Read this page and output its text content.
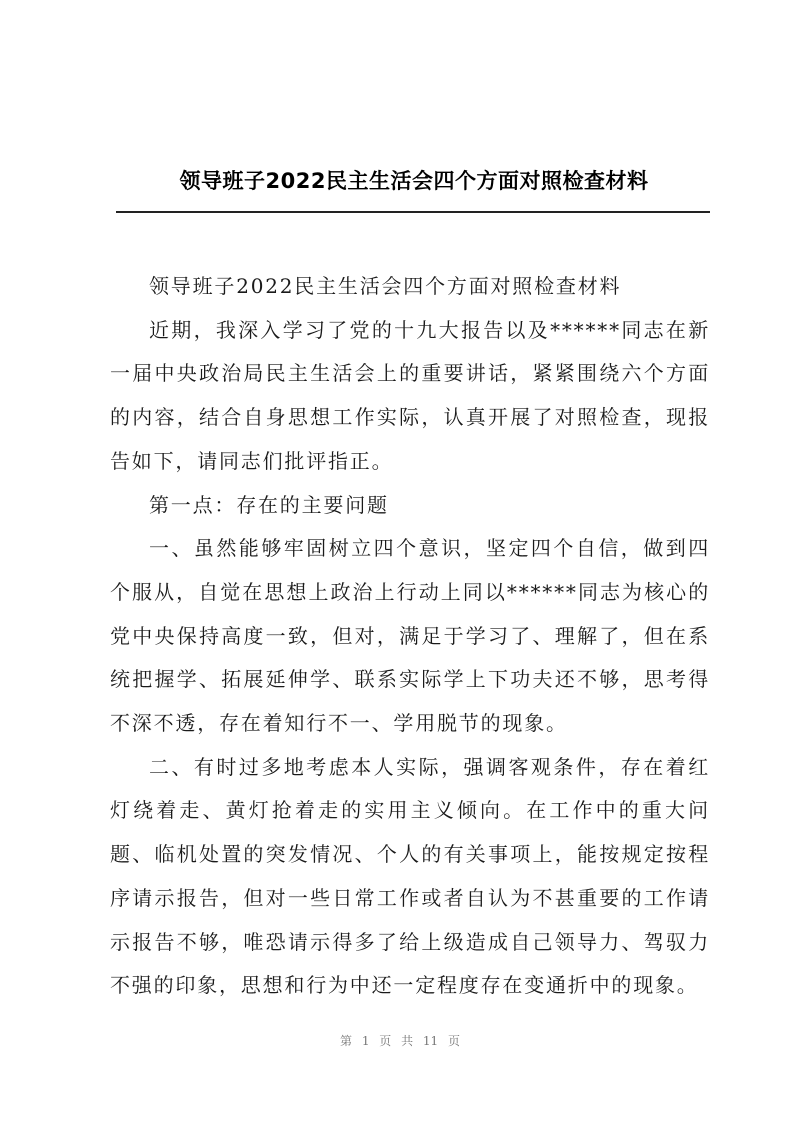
领导班子2022民主生活会四个方面对照检查材料

领导班子2022民主生活会四个方面对照检查材料

近期，我深入学习了党的十九大报告以及******同志在新一届中央政治局民主生活会上的重要讲话，紧紧围绕六个方面的内容，结合自身思想工作实际，认真开展了对照检查，现报告如下，请同志们批评指正。

第一点：存在的主要问题

一、虽然能够牢固树立四个意识，坚定四个自信，做到四个服从，自觉在思想上政治上行动上同以******同志为核心的党中央保持高度一致，但对，满足于学习了、理解了，但在系统把握学、拓展延伸学、联系实际学上下功夫还不够，思考得不深不透，存在着知行不一、学用脱节的现象。

二、有时过多地考虑本人实际，强调客观条件，存在着红灯绕着走、黄灯抢着走的实用主义倾向。在工作中的重大问题、临机处置的突发情况、个人的有关事项上，能按规定按程序请示报告，但对一些日常工作或者自认为不甚重要的工作请示报告不够，唯恐请示得多了给上级造成自己领导力、驾驭力不强的印象，思想和行为中还一定程度存在变通折中的现象。

第 1 页 共 11 页
